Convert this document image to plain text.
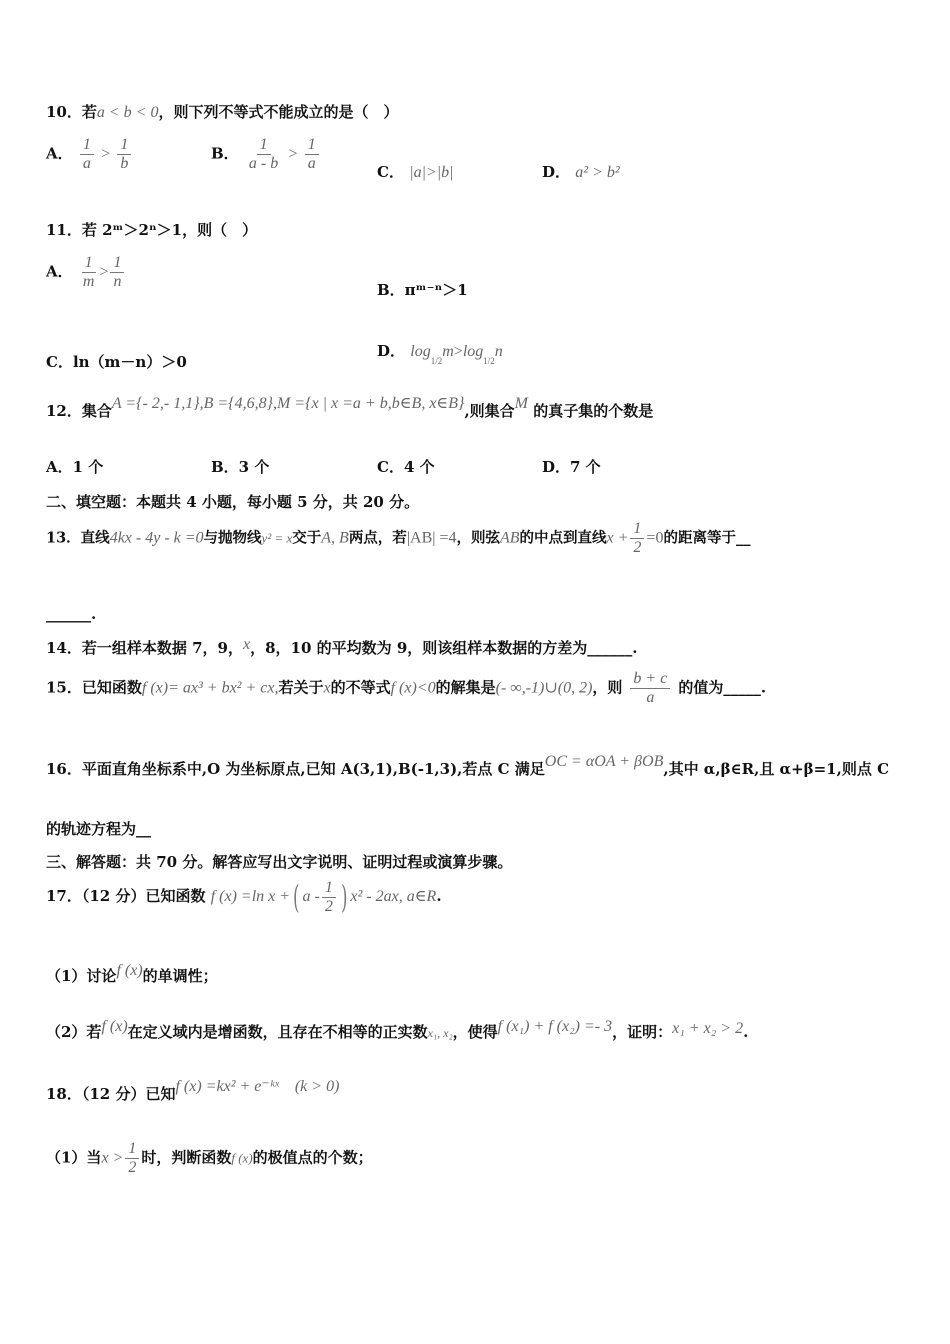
10．若a < b < 0，则下列不等式不能成立的是（　）
A． $\frac{1}{a} > \frac{1}{b}$	B． $\frac{1}{a - b} > \frac{1}{a}$	C． |a|>|b|	D． a² > b²
11．若 2ᵐ＞2ⁿ＞1，则（　）
A． $\frac{1}{m} > \frac{1}{n}$	B．πᵐ⁻ⁿ＞1
C．ln（m－n）＞0
D． $\log_{1/2}m>\log_{1/2}n$
12．集合A ={- 2,- 1,1},B ={4,6,8},M ={x | x =a + b,b∈B, x∈B},则集合M 的真子集的个数是
A．1 个	B．3 个	C．4 个	D．7 个
二、填空题：本题共 4 小题，每小题 5 分，共 20 分。
13．直线4kx - 4y - k =0与抛物线y² = x交于A, B两点，若|AB| =4，则弦AB的中点到直线$x + \frac{1}{2} =0$的距离等于__
______.
14．若一组样本数据 7，9，x，8，10 的平均数为 9，则该组样本数据的方差为______.
15．已知函数f (x)= ax³ + bx² + cx,若关于x的不等式f (x)<0的解集是(- ∞,-1)∪(0, 2)，则 $\frac{b + c}{a}$ 的值为_____.
16．平面直角坐标系中,O 为坐标原点,已知 A(3,1),B(-1,3),若点 C 满足OC = αOA + βOB,其中 α,β∈R,且 α+β=1,则点 C
的轨迹方程为__
三、解答题：共 70 分。解答应写出文字说明、证明过程或演算步骤。
17．（12 分）已知函数 f (x) =ln x +( a - $\frac{1}{2}$ ) x² - 2ax, a∈R.
（1）讨论f (x)的单调性；
（2）若f (x)在定义域内是增函数，且存在不相等的正实数x₁, x₂，使得f (x₁) + f (x₂) =- 3，证明：x₁ + x₂ > 2.
18．（12 分）已知f (x) =kx² + e⁻ᵏˣ　(k > 0)
（1）当$x > \frac{1}{2}$ 时，判断函数f (x)的极值点的个数；
